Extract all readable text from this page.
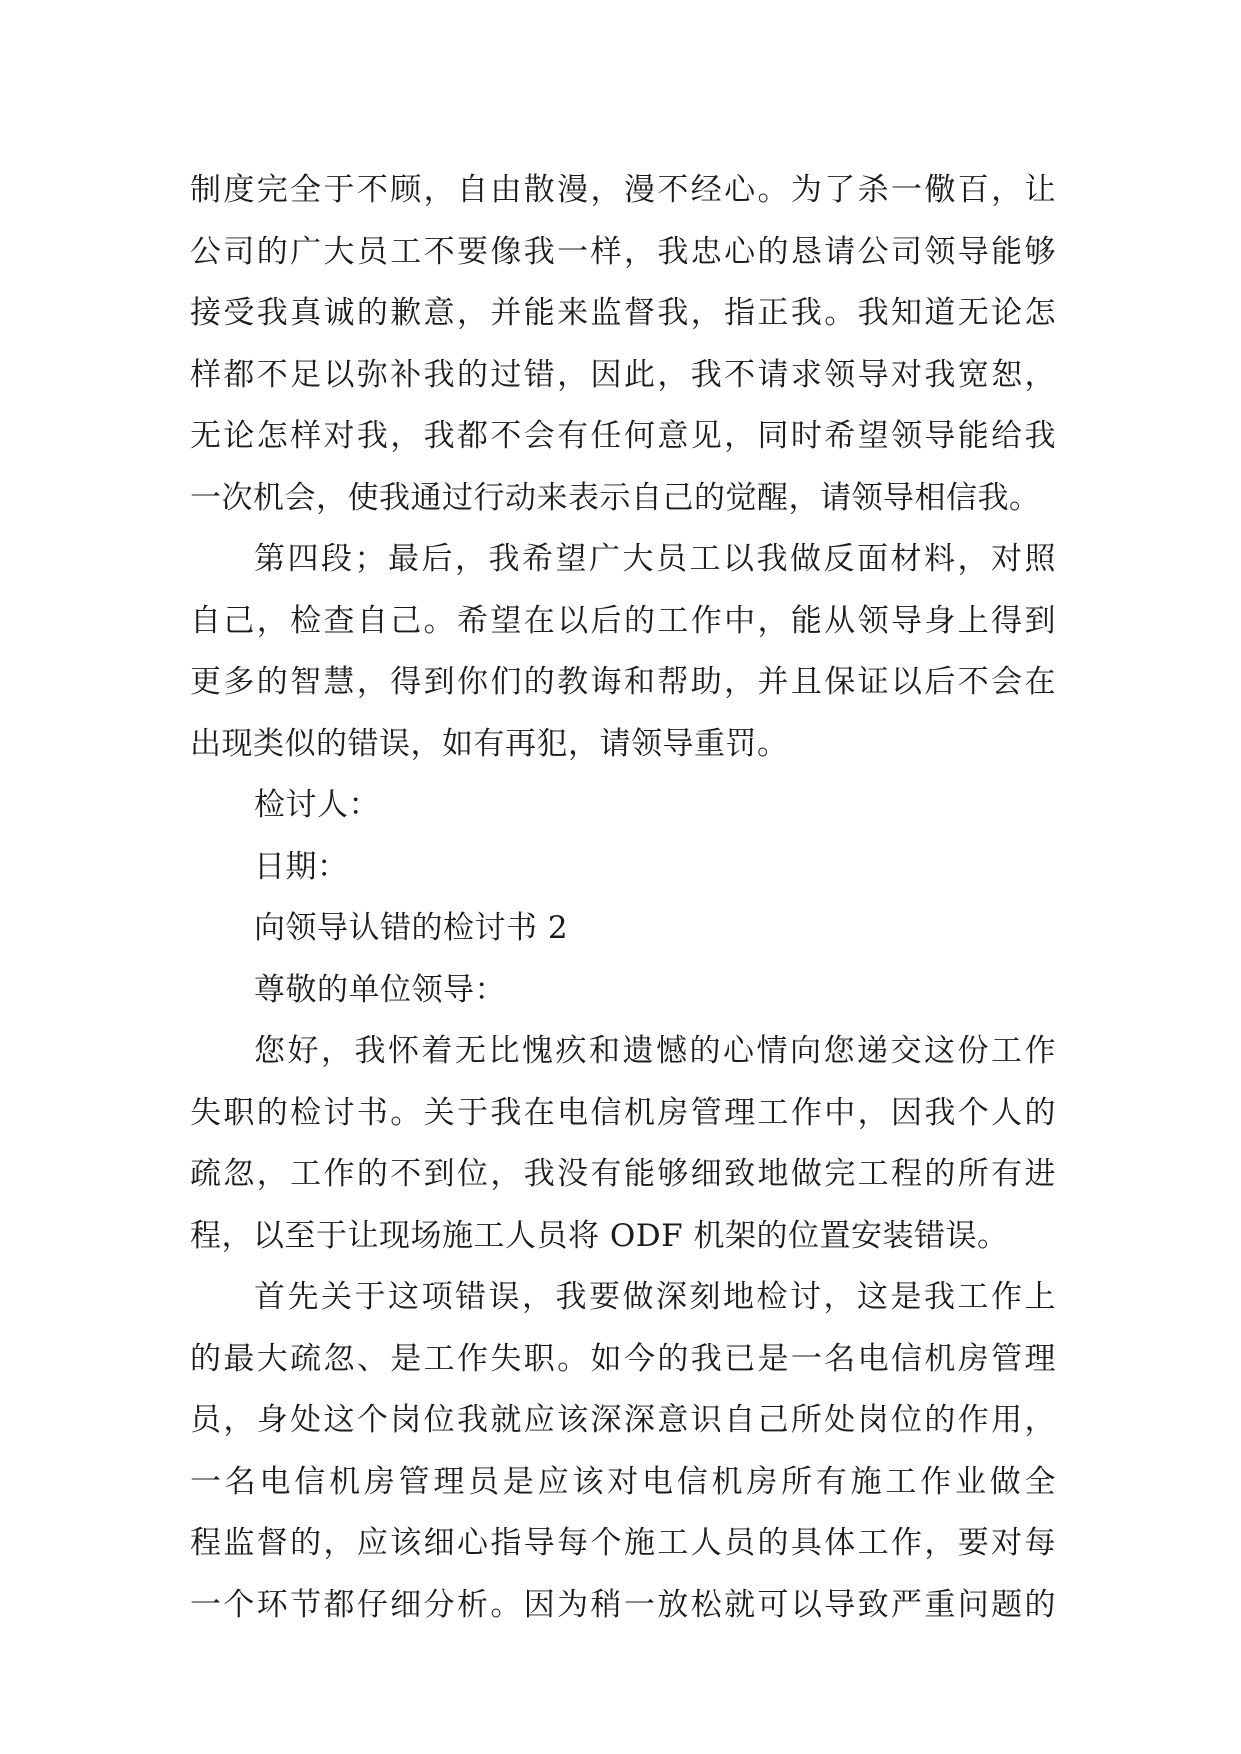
制度完全于不顾，自由散漫，漫不经心。为了杀一儆百，让
公司的广大员工不要像我一样，我忠心的恳请公司领导能够
接受我真诚的歉意，并能来监督我，指正我。我知道无论怎
样都不足以弥补我的过错，因此，我不请求领导对我宽恕，
无论怎样对我，我都不会有任何意见，同时希望领导能给我
一次机会，使我通过行动来表示自己的觉醒，请领导相信我。
第四段；最后，我希望广大员工以我做反面材料，对照
自己，检查自己。希望在以后的工作中，能从领导身上得到
更多的智慧，得到你们的教诲和帮助，并且保证以后不会在
出现类似的错误，如有再犯，请领导重罚。
检讨人：
日期：
向领导认错的检讨书 2
尊敬的单位领导：
您好，我怀着无比愧疚和遗憾的心情向您递交这份工作
失职的检讨书。关于我在电信机房管理工作中，因我个人的
疏忽，工作的不到位，我没有能够细致地做完工程的所有进
程，以至于让现场施工人员将 ODF 机架的位置安装错误。
首先关于这项错误，我要做深刻地检讨，这是我工作上
的最大疏忽、是工作失职。如今的我已是一名电信机房管理
员，身处这个岗位我就应该深深意识自己所处岗位的作用，
一名电信机房管理员是应该对电信机房所有施工作业做全
程监督的，应该细心指导每个施工人员的具体工作，要对每
一个环节都仔细分析。因为稍一放松就可以导致严重问题的
